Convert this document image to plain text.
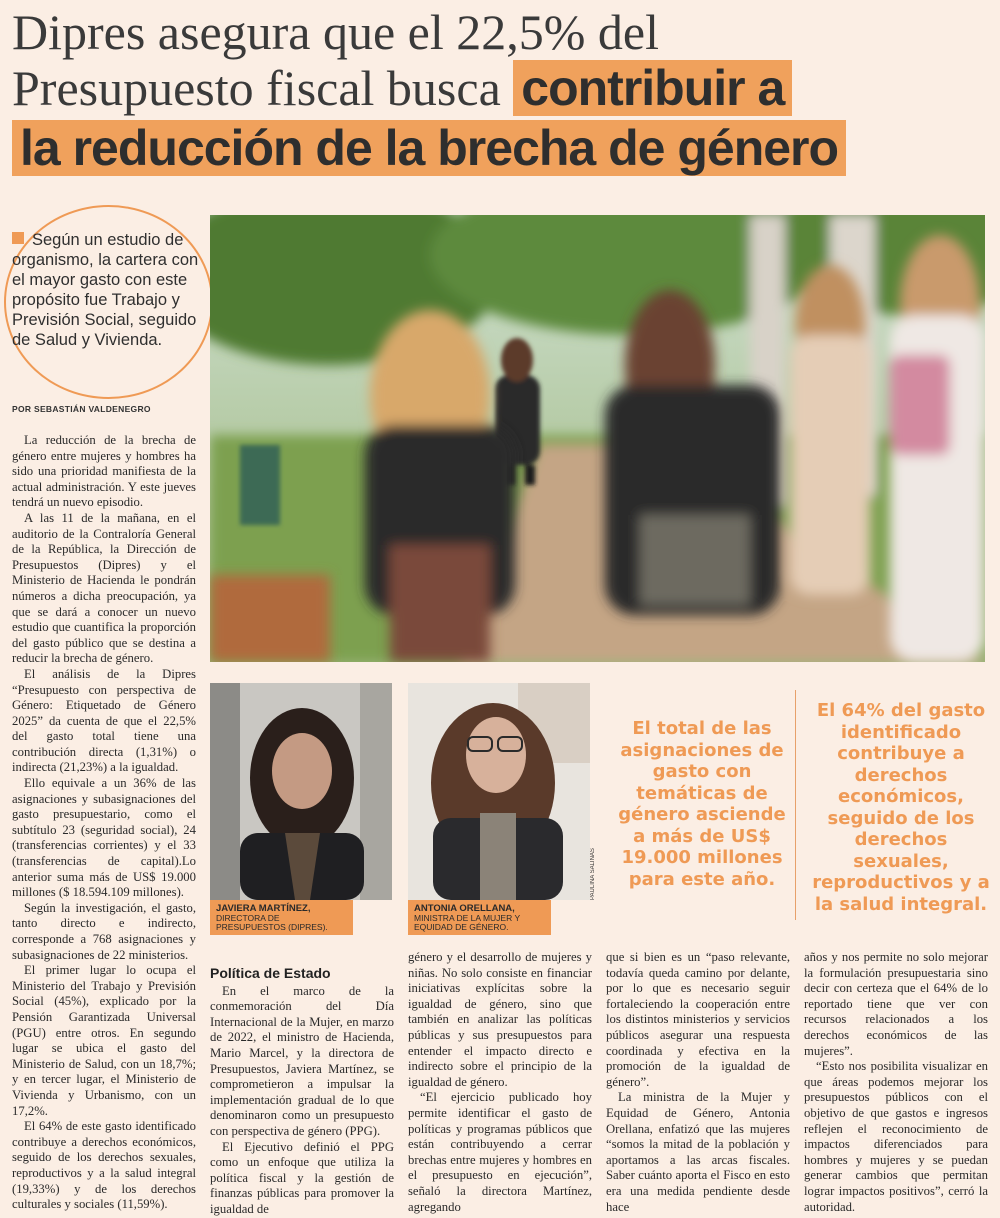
Dipres asegura que el 22,5% del
Presupuesto fiscal busca contribuir a
la reducción de la brecha de género
Según un estudio de organismo, la cartera con el mayor gasto con este propósito fue Trabajo y Previsión Social, seguido de Salud y Vivienda.
POR SEBASTIÁN VALDENEGRO

La reducción de la brecha de género entre mujeres y hombres ha sido una prioridad manifiesta de la actual administración. Y este jueves tendrá un nuevo episodio.

A las 11 de la mañana, en el auditorio de la Contraloría General de la República, la Dirección de Presupuestos (Dipres) y el Ministerio de Hacienda le pondrán números a dicha preocupación, ya que se dará a conocer un nuevo estudio que cuantifica la proporción del gasto público que se destina a reducir la brecha de género.

El análisis de la Dipres “Presupuesto con perspectiva de Género: Etiquetado de Género 2025” da cuenta de que el 22,5% del gasto total tiene una contribución directa (1,31%) o indirecta (21,23%) a la igualdad.

Ello equivale a un 36% de las asignaciones y subasignaciones del gasto presupuestario, como el subtítulo 23 (seguridad social), 24 (transferencias corrientes) y el 33 (transferencias de capital).Lo anterior suma más de US$ 19.000 millones ($ 18.594.109 millones).

Según la investigación, el gasto, tanto directo e indirecto, corresponde a 768 asignaciones y subasignaciones de 22 ministerios.

El primer lugar lo ocupa el Ministerio del Trabajo y Previsión Social (45%), explicado por la Pensión Garantizada Universal (PGU) entre otros. En segundo lugar se ubica el gasto del Ministerio de Salud, con un 18,7%; y en tercer lugar, el Ministerio de Vivienda y Urbanismo, con un 17,2%.

El 64% de este gasto identificado contribuye a derechos económicos, seguido de los derechos sexuales, reproductivos y a la salud integral (19,33%) y de los derechos culturales y sociales (11,59%).

JAVIERA MARTÍNEZ,
DIRECTORA DE PRESUPUESTOS (DIPRES).
PAULINA SALINAS
ANTONIA ORELLANA,
MINISTRA DE LA MUJER Y EQUIDAD DE GÉNERO.
El total de las asignaciones de gasto con temáticas de género asciende a más de US$ 19.000 millones para este año.
El 64% del gasto identificado contribuye a derechos económicos, seguido de los derechos sexuales, reproductivos y a la salud integral.
Política de Estado

En el marco de la conmemoración del Día Internacional de la Mujer, en marzo de 2022, el ministro de Hacienda, Mario Marcel, y la directora de Presupuestos, Javiera Martínez, se comprometieron a impulsar la implementación gradual de lo que denominaron como un presupuesto con perspectiva de género (PPG).

El Ejecutivo definió el PPG como un enfoque que utiliza la política fiscal y la gestión de finanzas públicas para promover la igualdad de

género y el desarrollo de mujeres y niñas. No solo consiste en financiar iniciativas explícitas sobre la igualdad de género, sino que también en analizar las políticas públicas y sus presupuestos para entender el impacto directo e indirecto sobre el principio de la igualdad de género.

“El ejercicio publicado hoy permite identificar el gasto de políticas y programas públicos que están contribuyendo a cerrar brechas entre mujeres y hombres en el presupuesto en ejecución”, señaló la directora Martínez, agregando

que si bien es un “paso relevante, todavía queda camino por delante, por lo que es necesario seguir fortaleciendo la cooperación entre los distintos ministerios y servicios públicos asegurar una respuesta coordinada y efectiva en la promoción de la igualdad de género”.

La ministra de la Mujer y Equidad de Género, Antonia Orellana, enfatizó que las mujeres “somos la mitad de la población y aportamos a las arcas fiscales. Saber cuánto aporta el Fisco en esto era una medida pendiente desde hace

años y nos permite no solo mejorar la formulación presupuestaria sino decir con certeza que el 64% de lo reportado tiene que ver con recursos relacionados a los derechos económicos de las mujeres”.

“Esto nos posibilita visualizar en que áreas podemos mejorar los presupuestos públicos con el objetivo de que gastos e ingresos reflejen el reconocimiento de impactos diferenciados para hombres y mujeres y se puedan generar cambios que permitan lograr impactos positivos”, cerró la autoridad.
